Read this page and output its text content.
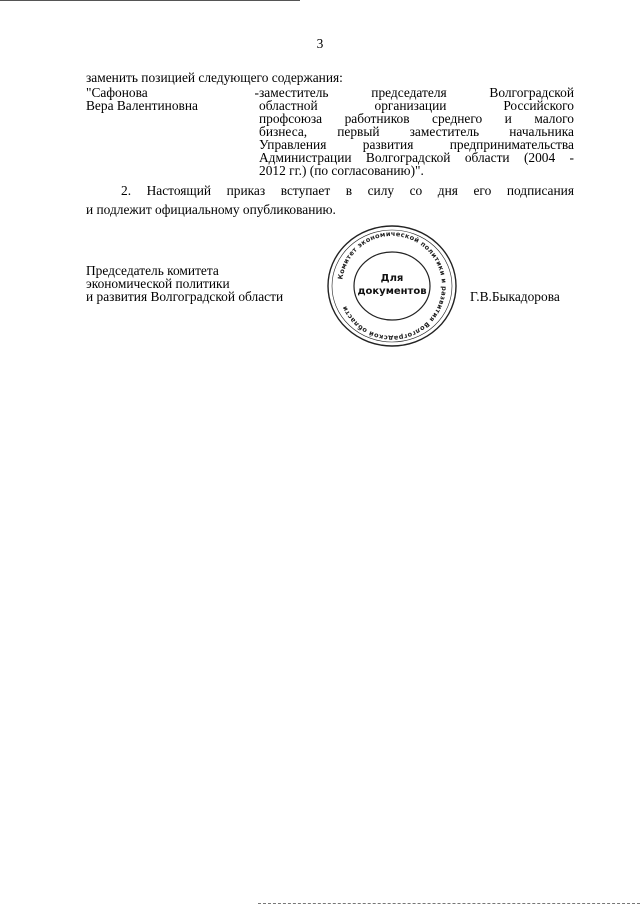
3
заменить позицией следующего содержания:
"Сафонова
Вера Валентиновна
- заместитель председателя Волгоградской
областной организации Российского
профсоюза работников среднего и малого
бизнеса, первый заместитель начальника
Управления развития предпринимательства
Администрации Волгоградской области (2004 -
2012 гг.) (по согласованию)".
2. Настоящий приказ вступает в силу со дня его подписания
и подлежит официальному опубликованию.
Председатель комитета
экономической политики
и развития Волгоградской области	Г.В.Быкадорова
Комитет экономической политики и развития Волгоградской области
Для
документов
